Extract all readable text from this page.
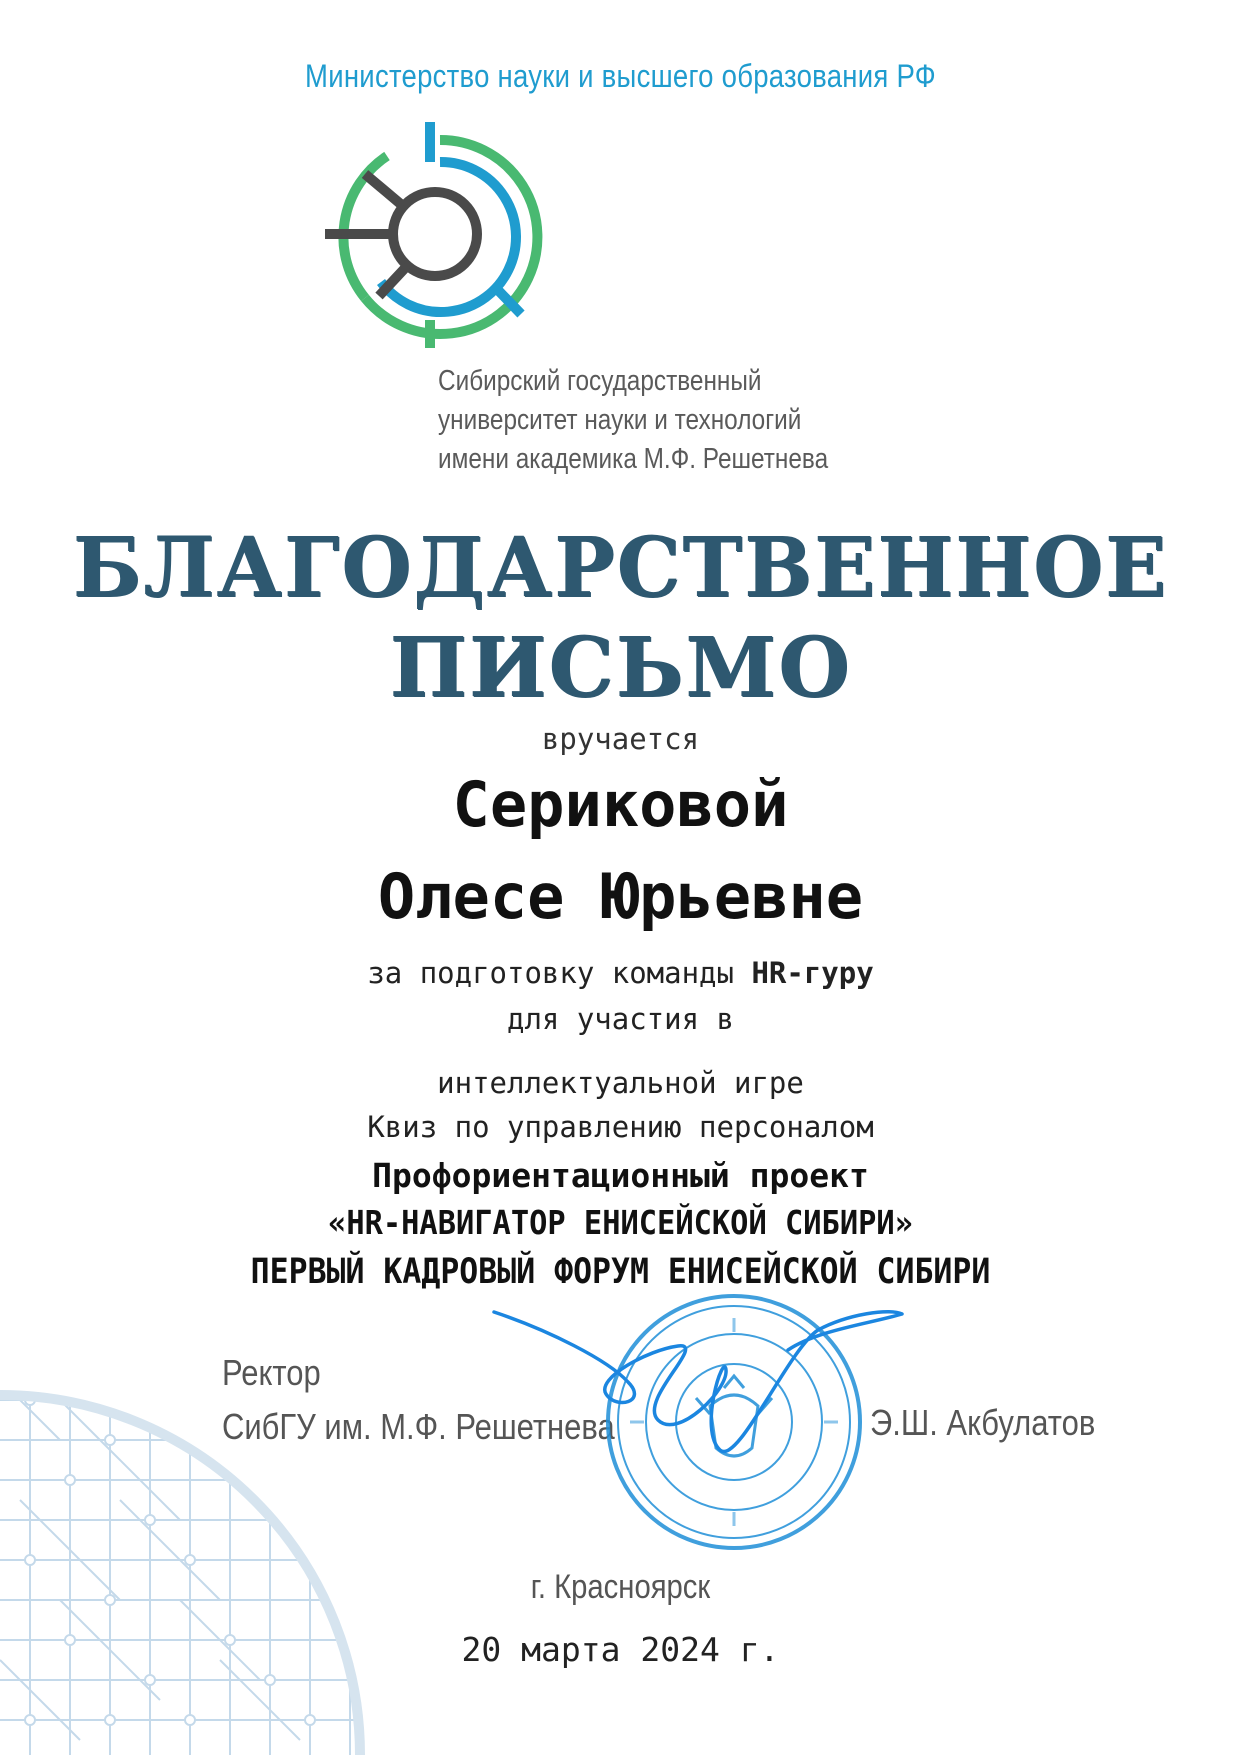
Министерство науки и высшего образования РФ
Сибирский государственный
университет науки и технологий
имени академика М.Ф. Решетнева
БЛАГОДАРСТВЕННОЕ
ПИСЬМО
вручается
Сериковой
Олесе Юрьевне
за подготовку команды HR-гуру
для участия в
интеллектуальной игре
Квиз по управлению персоналом
Профориентационный проект
«HR-НАВИГАТОР ЕНИСЕЙСКОЙ СИБИРИ»
ПЕРВЫЙ КАДРОВЫЙ ФОРУМ ЕНИСЕЙСКОЙ СИБИРИ
Ректор
СибГУ им. М.Ф. Решетнева	Э.Ш. Акбулатов
г. Красноярск
20 марта 2024 г.
